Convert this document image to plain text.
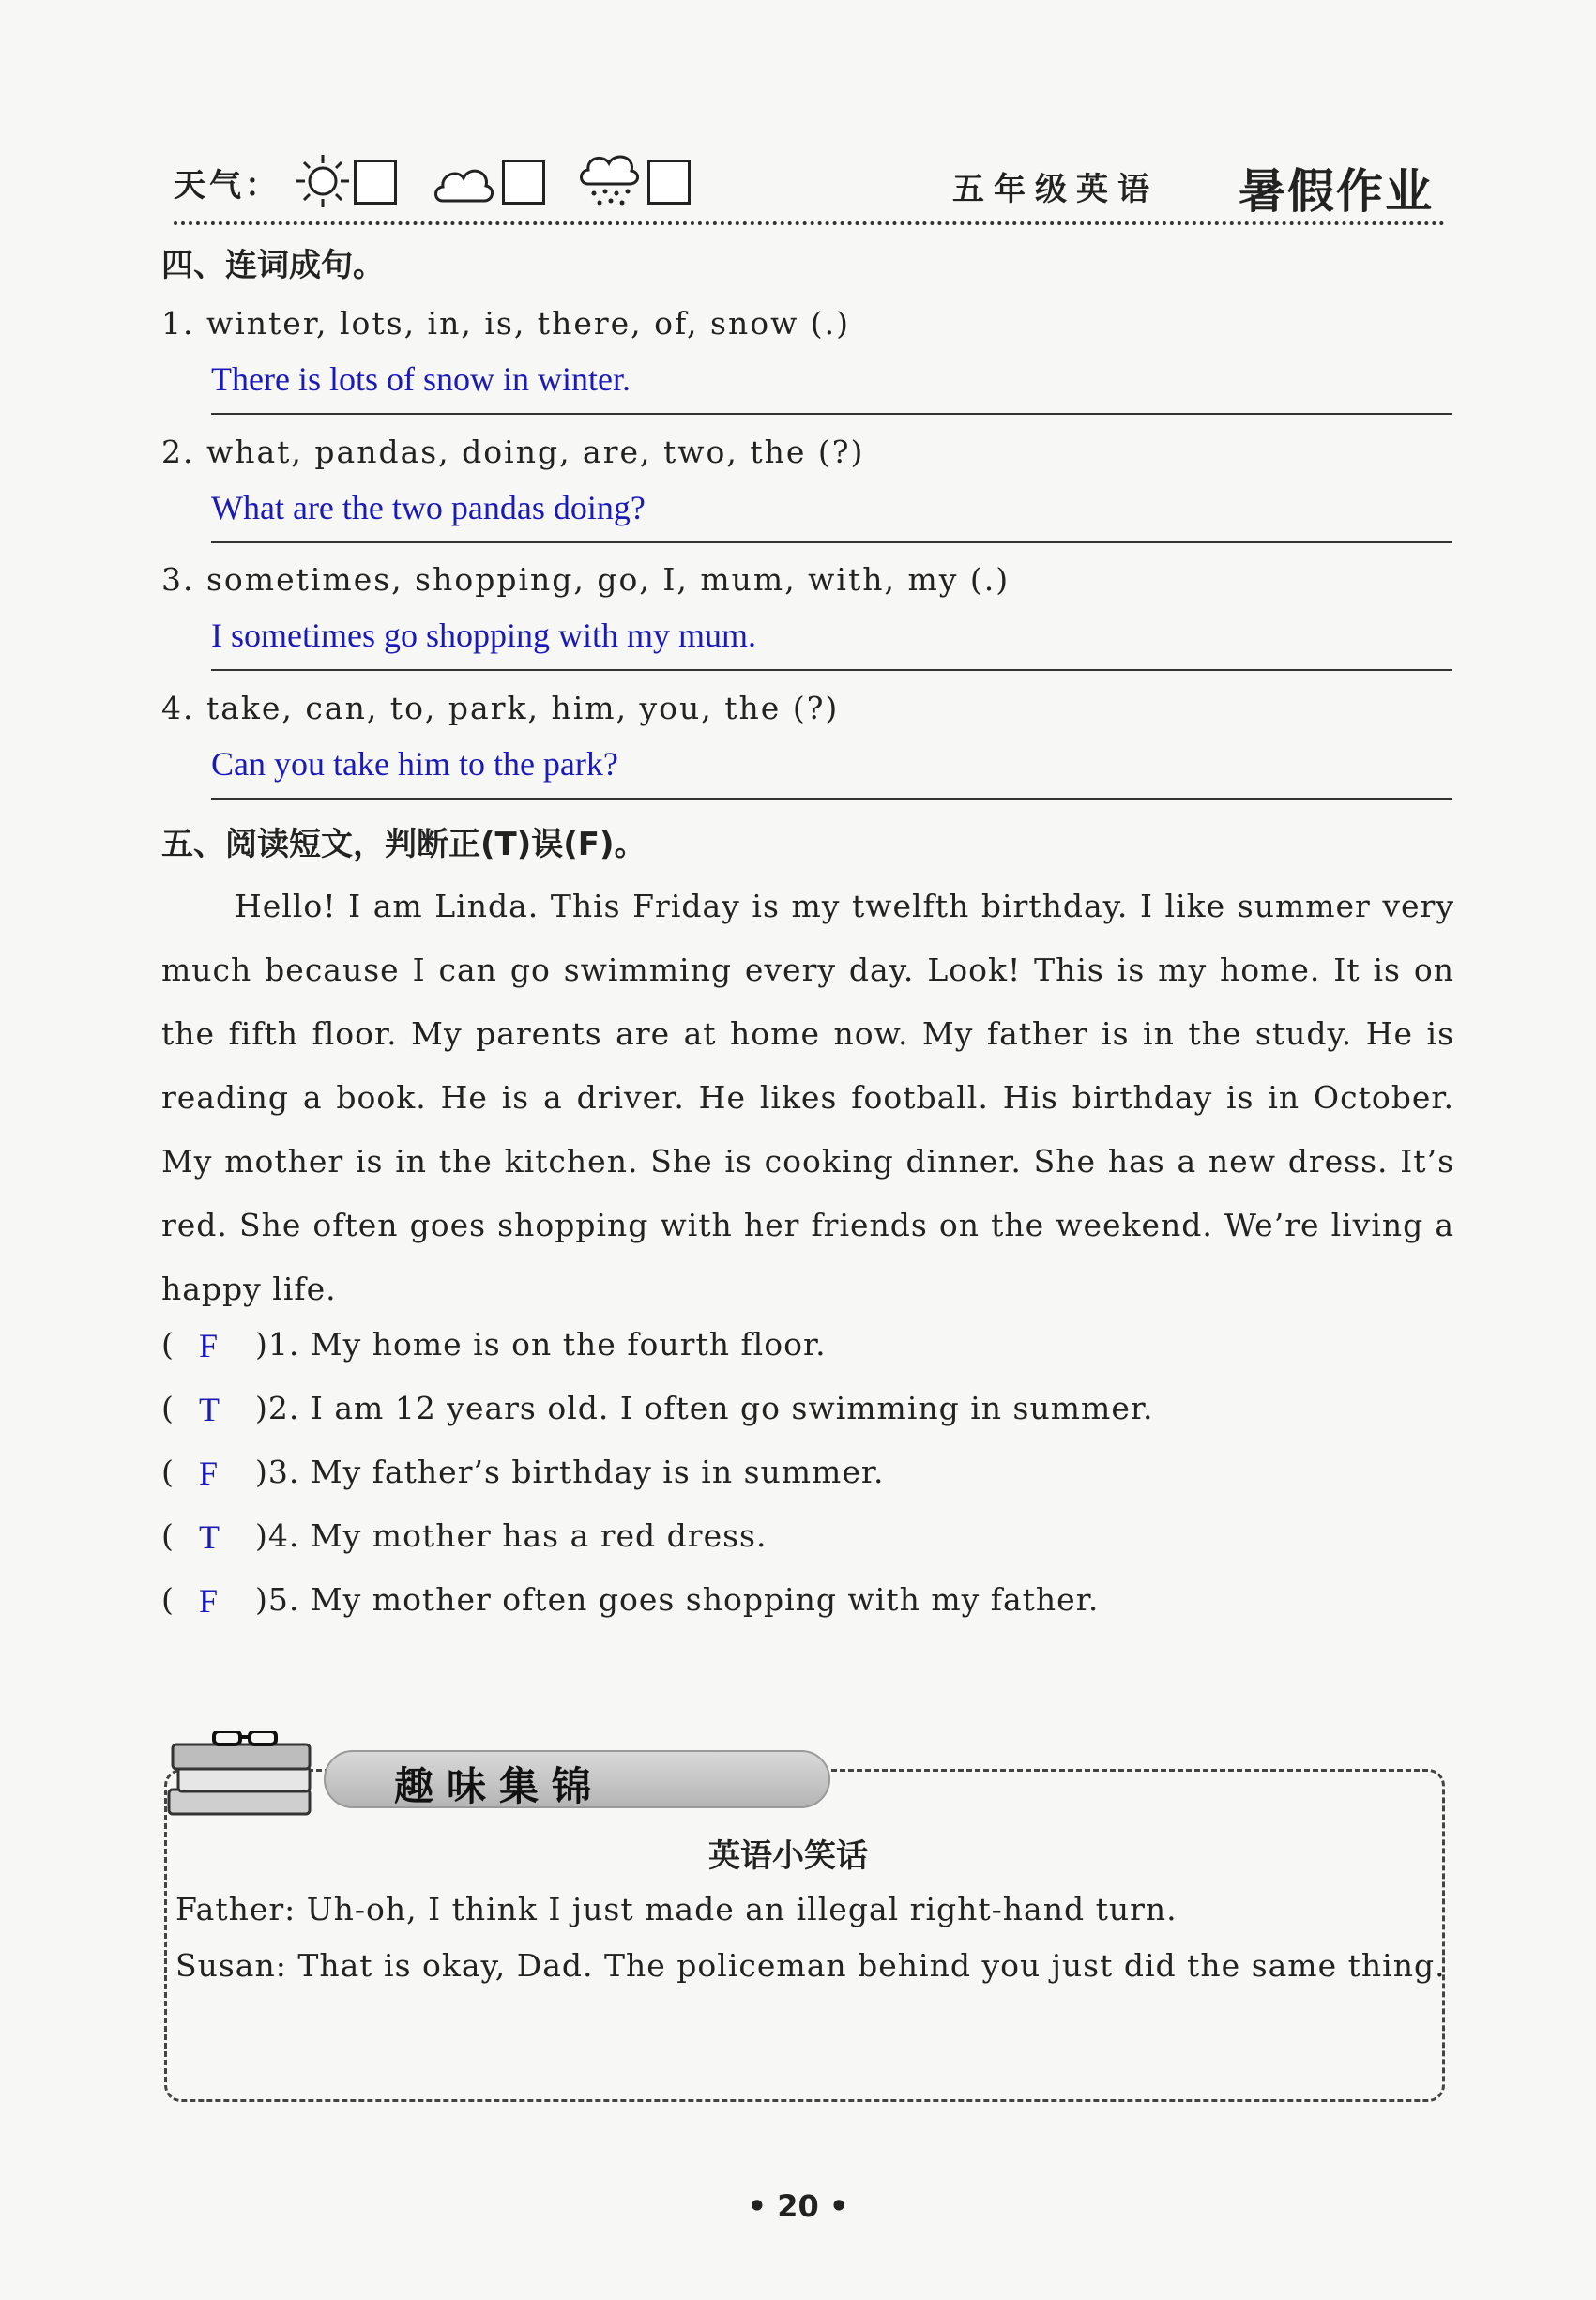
天气：	五年级英语 暑假作业
四、连词成句。
1. winter, lots, in, is, there, of, snow (.)
There is lots of snow in winter.
2. what, pandas, doing, are, two, the (?)
What are the two pandas doing?
3. sometimes, shopping, go, I, mum, with, my (.)
I sometimes go shopping with my mum.
4. take, can, to, park, him, you, the (?)
Can you take him to the park?
五、阅读短文，判断正(T)误(F)。

Hello! I am Linda. This Friday is my twelfth birthday. I like summer very much because I can go swimming every day. Look! This is my home. It is on the fifth floor. My parents are at home now. My father is in the study. He is reading a book. He is a driver. He likes football. His birthday is in October. My mother is in the kitchen. She is cooking dinner. She has a new dress. It’s red. She often goes shopping with her friends on the weekend. We’re living a happy life.

( F )1. My home is on the fourth floor.
( T )2. I am 12 years old. I often go swimming in summer.
( F )3. My father’s birthday is in summer.
( T )4. My mother has a red dress.
( F )5. My mother often goes shopping with my father.
趣味集锦
英语小笑话
Father: Uh-oh, I think I just made an illegal right-hand turn.
Susan: That is okay, Dad. The policeman behind you just did the same thing.
• 20 •
